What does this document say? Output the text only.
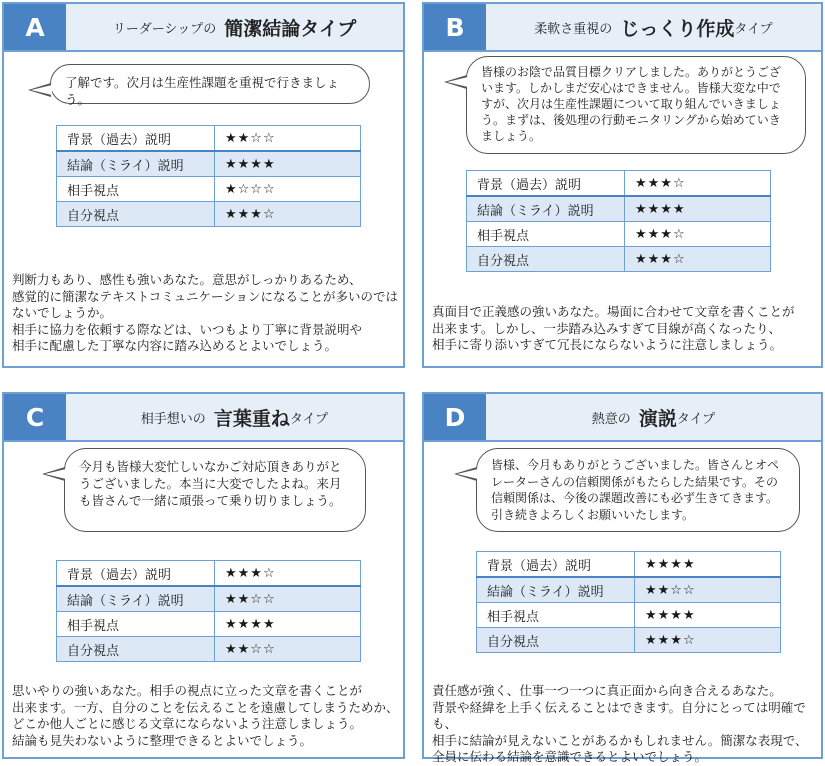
A	リーダーシップの 簡潔結論タイプ
了解です。次月は生産性課題を重視で行きましょう。
背景（過去）説明	★★☆☆
結論（ミライ）説明	★★★★
相手視点	★☆☆☆
自分視点	★★★☆
判断力もあり、感性も強いあなた。意思がしっかりあるため、
感覚的に簡潔なテキストコミュニケーションになることが多いのでは
ないでしょうか。
相手に協力を依頼する際などは、いつもより丁寧に背景説明や
相手に配慮した丁寧な内容に踏み込めるとよいでしょう。
B	柔軟さ重視の じっくり作成 タイプ
皆様のお陰で品質目標クリアしました。ありがとうございます。しかしまだ安心はできません。皆様大変な中ですが、次月は生産性課題について取り組んでいきましょう。まずは、後処理の行動モニタリングから始めていきましょう。
背景（過去）説明	★★★☆
結論（ミライ）説明	★★★★
相手視点	★★★☆
自分視点	★★★☆
真面目で正義感の強いあなた。場面に合わせて文章を書くことが
出来ます。しかし、一歩踏み込みすぎて目線が高くなったり、
相手に寄り添いすぎて冗長にならないように注意しましょう。
C	相手想いの 言葉重ね タイプ
今月も皆様大変忙しいなかご対応頂きありがとうございました。本当に大変でしたよね。来月も皆さんで一緒に頑張って乗り切りましょう。
背景（過去）説明	★★★☆
結論（ミライ）説明	★★☆☆
相手視点	★★★★
自分視点	★★☆☆
思いやりの強いあなた。相手の視点に立った文章を書くことが
出来ます。一方、自分のことを伝えることを遠慮してしまうためか、
どこか他人ごとに感じる文章にならないよう注意しましょう。
結論も見失わないように整理できるとよいでしょう。
D	熱意の 演説 タイプ
皆様、今月もありがとうございました。皆さんとオペレーターさんの信頼関係がもたらした結果です。その信頼関係は、今後の課題改善にも必ず生きてきます。引き続きよろしくお願いいたします。
背景（過去）説明	★★★★
結論（ミライ）説明	★★☆☆
相手視点	★★★★
自分視点	★★★☆
責任感が強く、仕事一つ一つに真正面から向き合えるあなた。
背景や経緯を上手く伝えることはできます。自分にとっては明確でも、
相手に結論が見えないことがあるかもしれません。簡潔な表現で、
全員に伝わる結論を意識できるとよいでしょう。
